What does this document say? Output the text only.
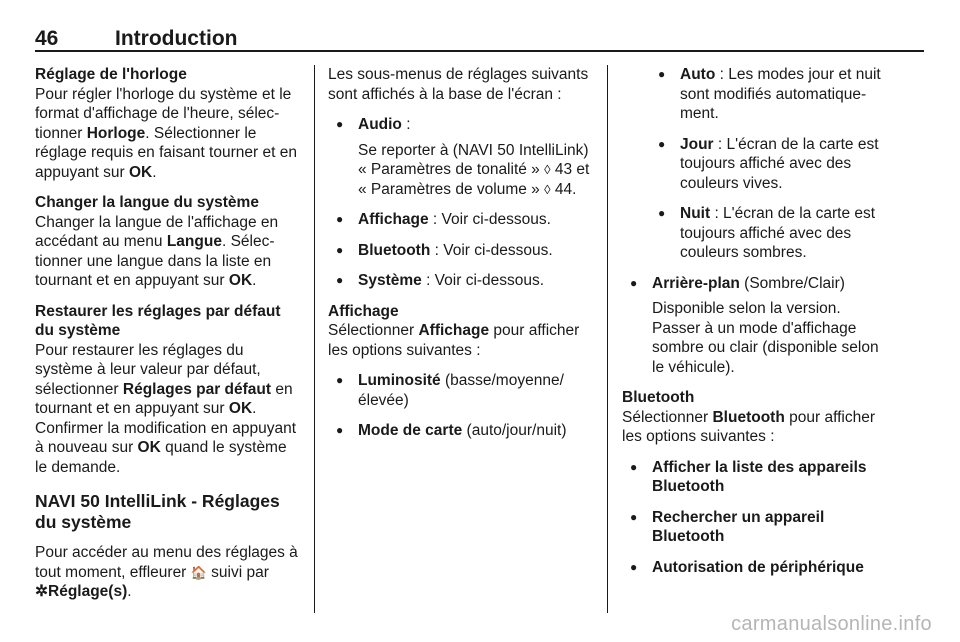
46	Introduction
Réglage de l'horloge

Pour régler l'horloge du système et le format d'affichage de l'heure, sélectionner Horloge. Sélectionner le réglage requis en faisant tourner et en appuyant sur OK.

Changer la langue du système

Changer la langue de l'affichage en accédant au menu Langue. Sélectionner une langue dans la liste en tournant et en appuyant sur OK.

Restaurer les réglages par défaut du système

Pour restaurer les réglages du système à leur valeur par défaut, sélectionner Réglages par défaut en tournant et en appuyant sur OK. Confirmer la modification en appuyant à nouveau sur OK quand le système le demande.

NAVI 50 IntelliLink - Réglages du système

Pour accéder au menu des réglages à tout moment, effleurer 🏠 suivi par ✲Réglage(s).

Les sous-menus de réglages suivants sont affichés à la base de l'écran :

● Audio :
Se reporter à (NAVI 50 IntelliLink) « Paramètres de tonalité » ◊ 43 et « Paramètres de volume » ◊ 44.
● Affichage : Voir ci-dessous.
● Bluetooth : Voir ci-dessous.
● Système : Voir ci-dessous.
Affichage

Sélectionner Affichage pour afficher les options suivantes :

● Luminosité (basse/moyenne/ élevée)
● Mode de carte (auto/jour/nuit)
● Auto : Les modes jour et nuit sont modifiés automatiquement.
● Jour : L'écran de la carte est toujours affiché avec des couleurs vives.
● Nuit : L'écran de la carte est toujours affiché avec des couleurs sombres.
● Arrière-plan (Sombre/Clair)
Disponible selon la version. Passer à un mode d'affichage sombre ou clair (disponible selon le véhicule).
Bluetooth

Sélectionner Bluetooth pour afficher les options suivantes :

● Afficher la liste des appareils Bluetooth
● Rechercher un appareil Bluetooth
● Autorisation de périphérique
carmanualsonline.info
